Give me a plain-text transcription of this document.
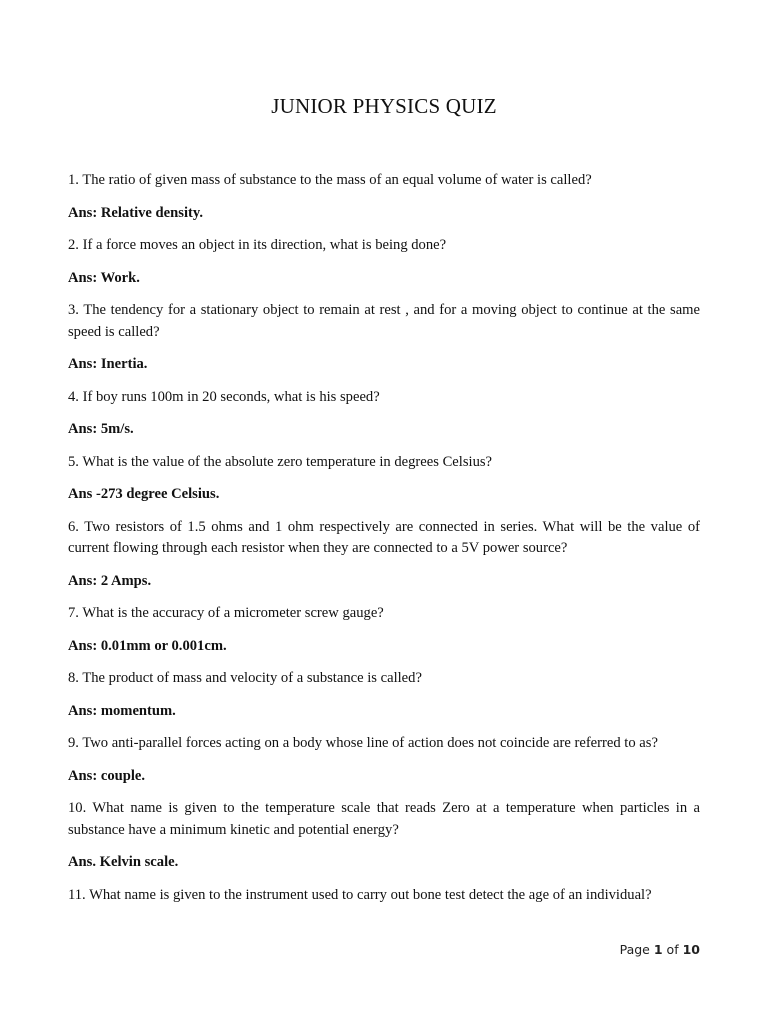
JUNIOR PHYSICS QUIZ

1. The ratio of given mass of substance to the mass of an equal volume of water is called?

Ans: Relative density.

2. If a force moves an object in its direction, what is being done?

Ans: Work.

3. The tendency for a stationary object to remain at rest , and for a moving object to continue at the same speed is called?

Ans: Inertia.

4. If boy runs 100m in 20 seconds, what is his speed?

Ans: 5m/s.

5. What is the value of the absolute zero temperature in degrees Celsius?

Ans -273 degree Celsius.

6. Two resistors of 1.5 ohms and 1 ohm respectively are connected in series. What will be the value of current flowing through each resistor when they are connected to a 5V power source?

Ans: 2 Amps.

7. What is the accuracy of a micrometer screw gauge?

Ans: 0.01mm or 0.001cm.

8. The product of mass and velocity of a substance is called?

Ans: momentum.

9. Two anti-parallel forces acting on a body whose line of action does not coincide are referred to as?

Ans: couple.

10. What name is given to the temperature scale that reads Zero at a temperature when particles in a substance have a minimum kinetic and potential energy?

Ans. Kelvin scale.

11. What name is given to the instrument used to carry out bone test detect the age of an individual?

Page 1 of 10
